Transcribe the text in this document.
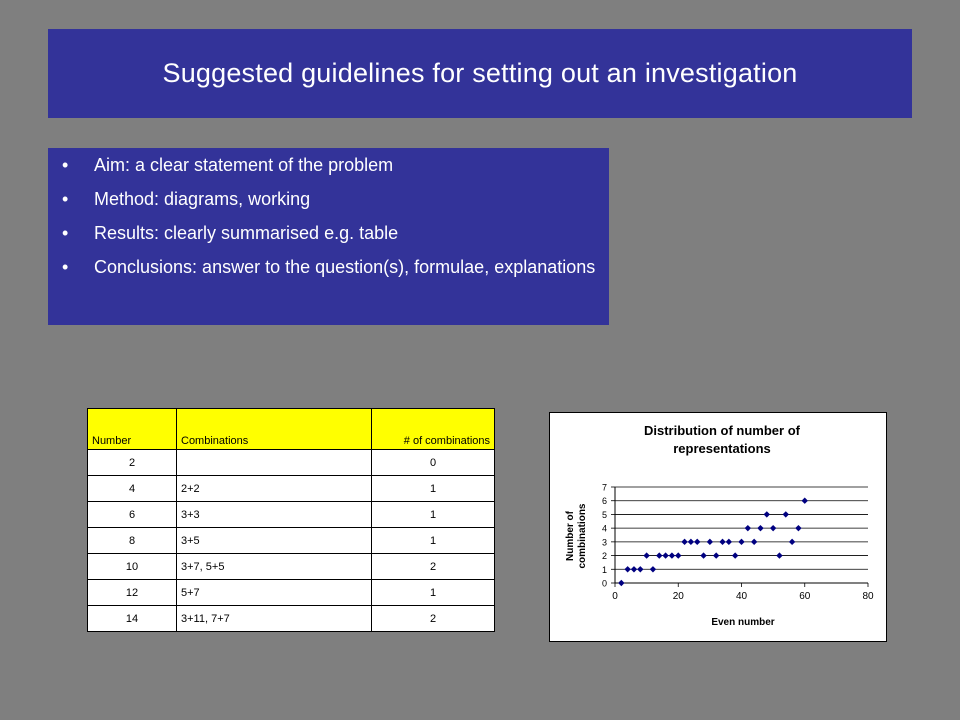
Suggested guidelines for setting out an investigation
• Aim: a clear statement of the problem
• Method: diagrams, working
• Results: clearly summarised e.g. table
• Conclusions: answer to the question(s), formulae, explanations
Number	Combinations	# of combinations
2		0
4	2+2	1
6	3+3	1
8	3+5	1
10	3+7, 5+5	2
12	5+7	1
14	3+11, 7+7	2
Distribution of number of
representations
Number of combinations
Even number
0
1
2
3
4
5
6
7
0	20	40	60	80
